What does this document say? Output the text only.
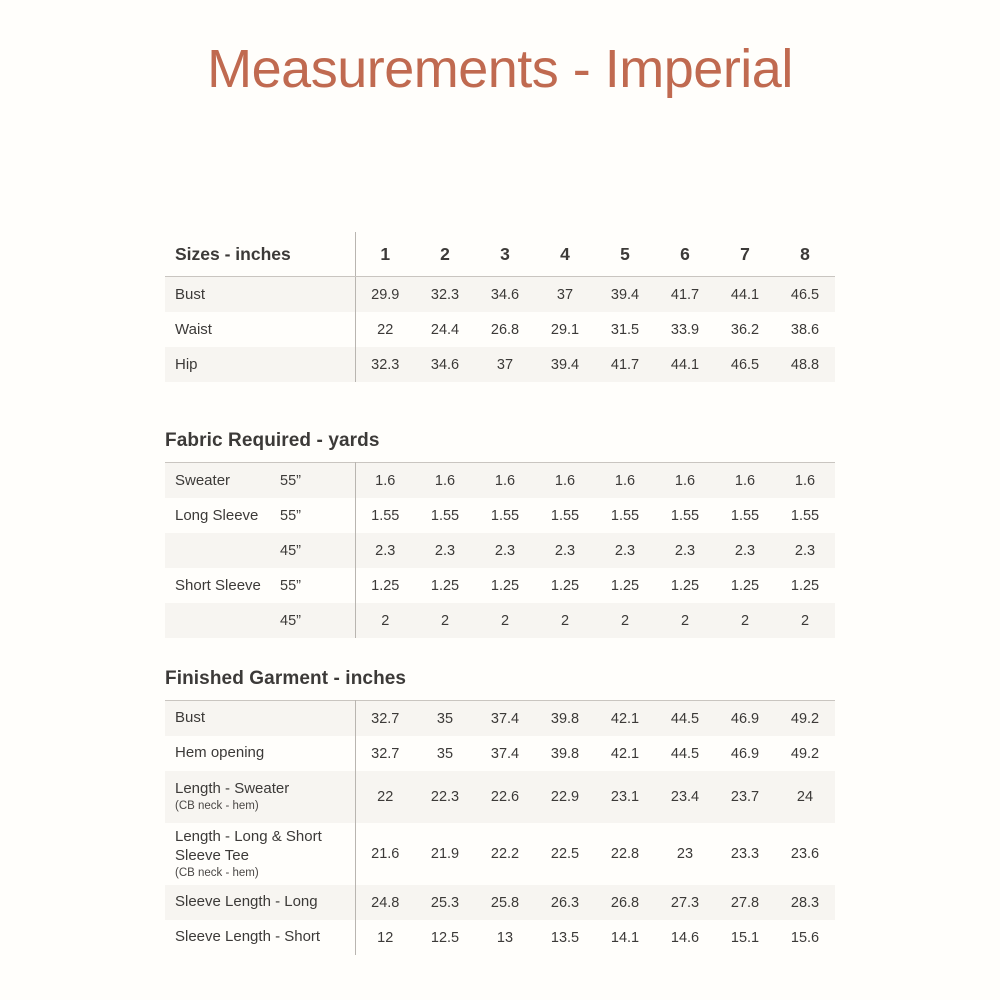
Measurements - Imperial
Sizes - inches	1	2	3	4	5	6	7	8
Bust	29.9	32.3	34.6	37	39.4	41.7	44.1	46.5
Waist	22	24.4	26.8	29.1	31.5	33.9	36.2	38.6
Hip	32.3	34.6	37	39.4	41.7	44.1	46.5	48.8
Fabric Required - yards
Sweater	55”	1.6	1.6	1.6	1.6	1.6	1.6	1.6	1.6
Long Sleeve	55”	1.55	1.55	1.55	1.55	1.55	1.55	1.55	1.55
	45”	2.3	2.3	2.3	2.3	2.3	2.3	2.3	2.3
Short Sleeve	55”	1.25	1.25	1.25	1.25	1.25	1.25	1.25	1.25
	45”	2	2	2	2	2	2	2	2
Finished Garment - inches
Bust	32.7	35	37.4	39.8	42.1	44.5	46.9	49.2

Hem opening	32.7	35	37.4	39.8	42.1	44.5	46.9	49.2

Length - Sweater
(CB neck - hem)	22	22.3	22.6	22.9	23.1	23.4	23.7	24

Length - Long & Short Sleeve Tee
(CB neck - hem)	21.6	21.9	22.2	22.5	22.8	23	23.3	23.6

Sleeve Length - Long	24.8	25.3	25.8	26.3	26.8	27.3	27.8	28.3

Sleeve Length - Short	12	12.5	13	13.5	14.1	14.6	15.1	15.6
